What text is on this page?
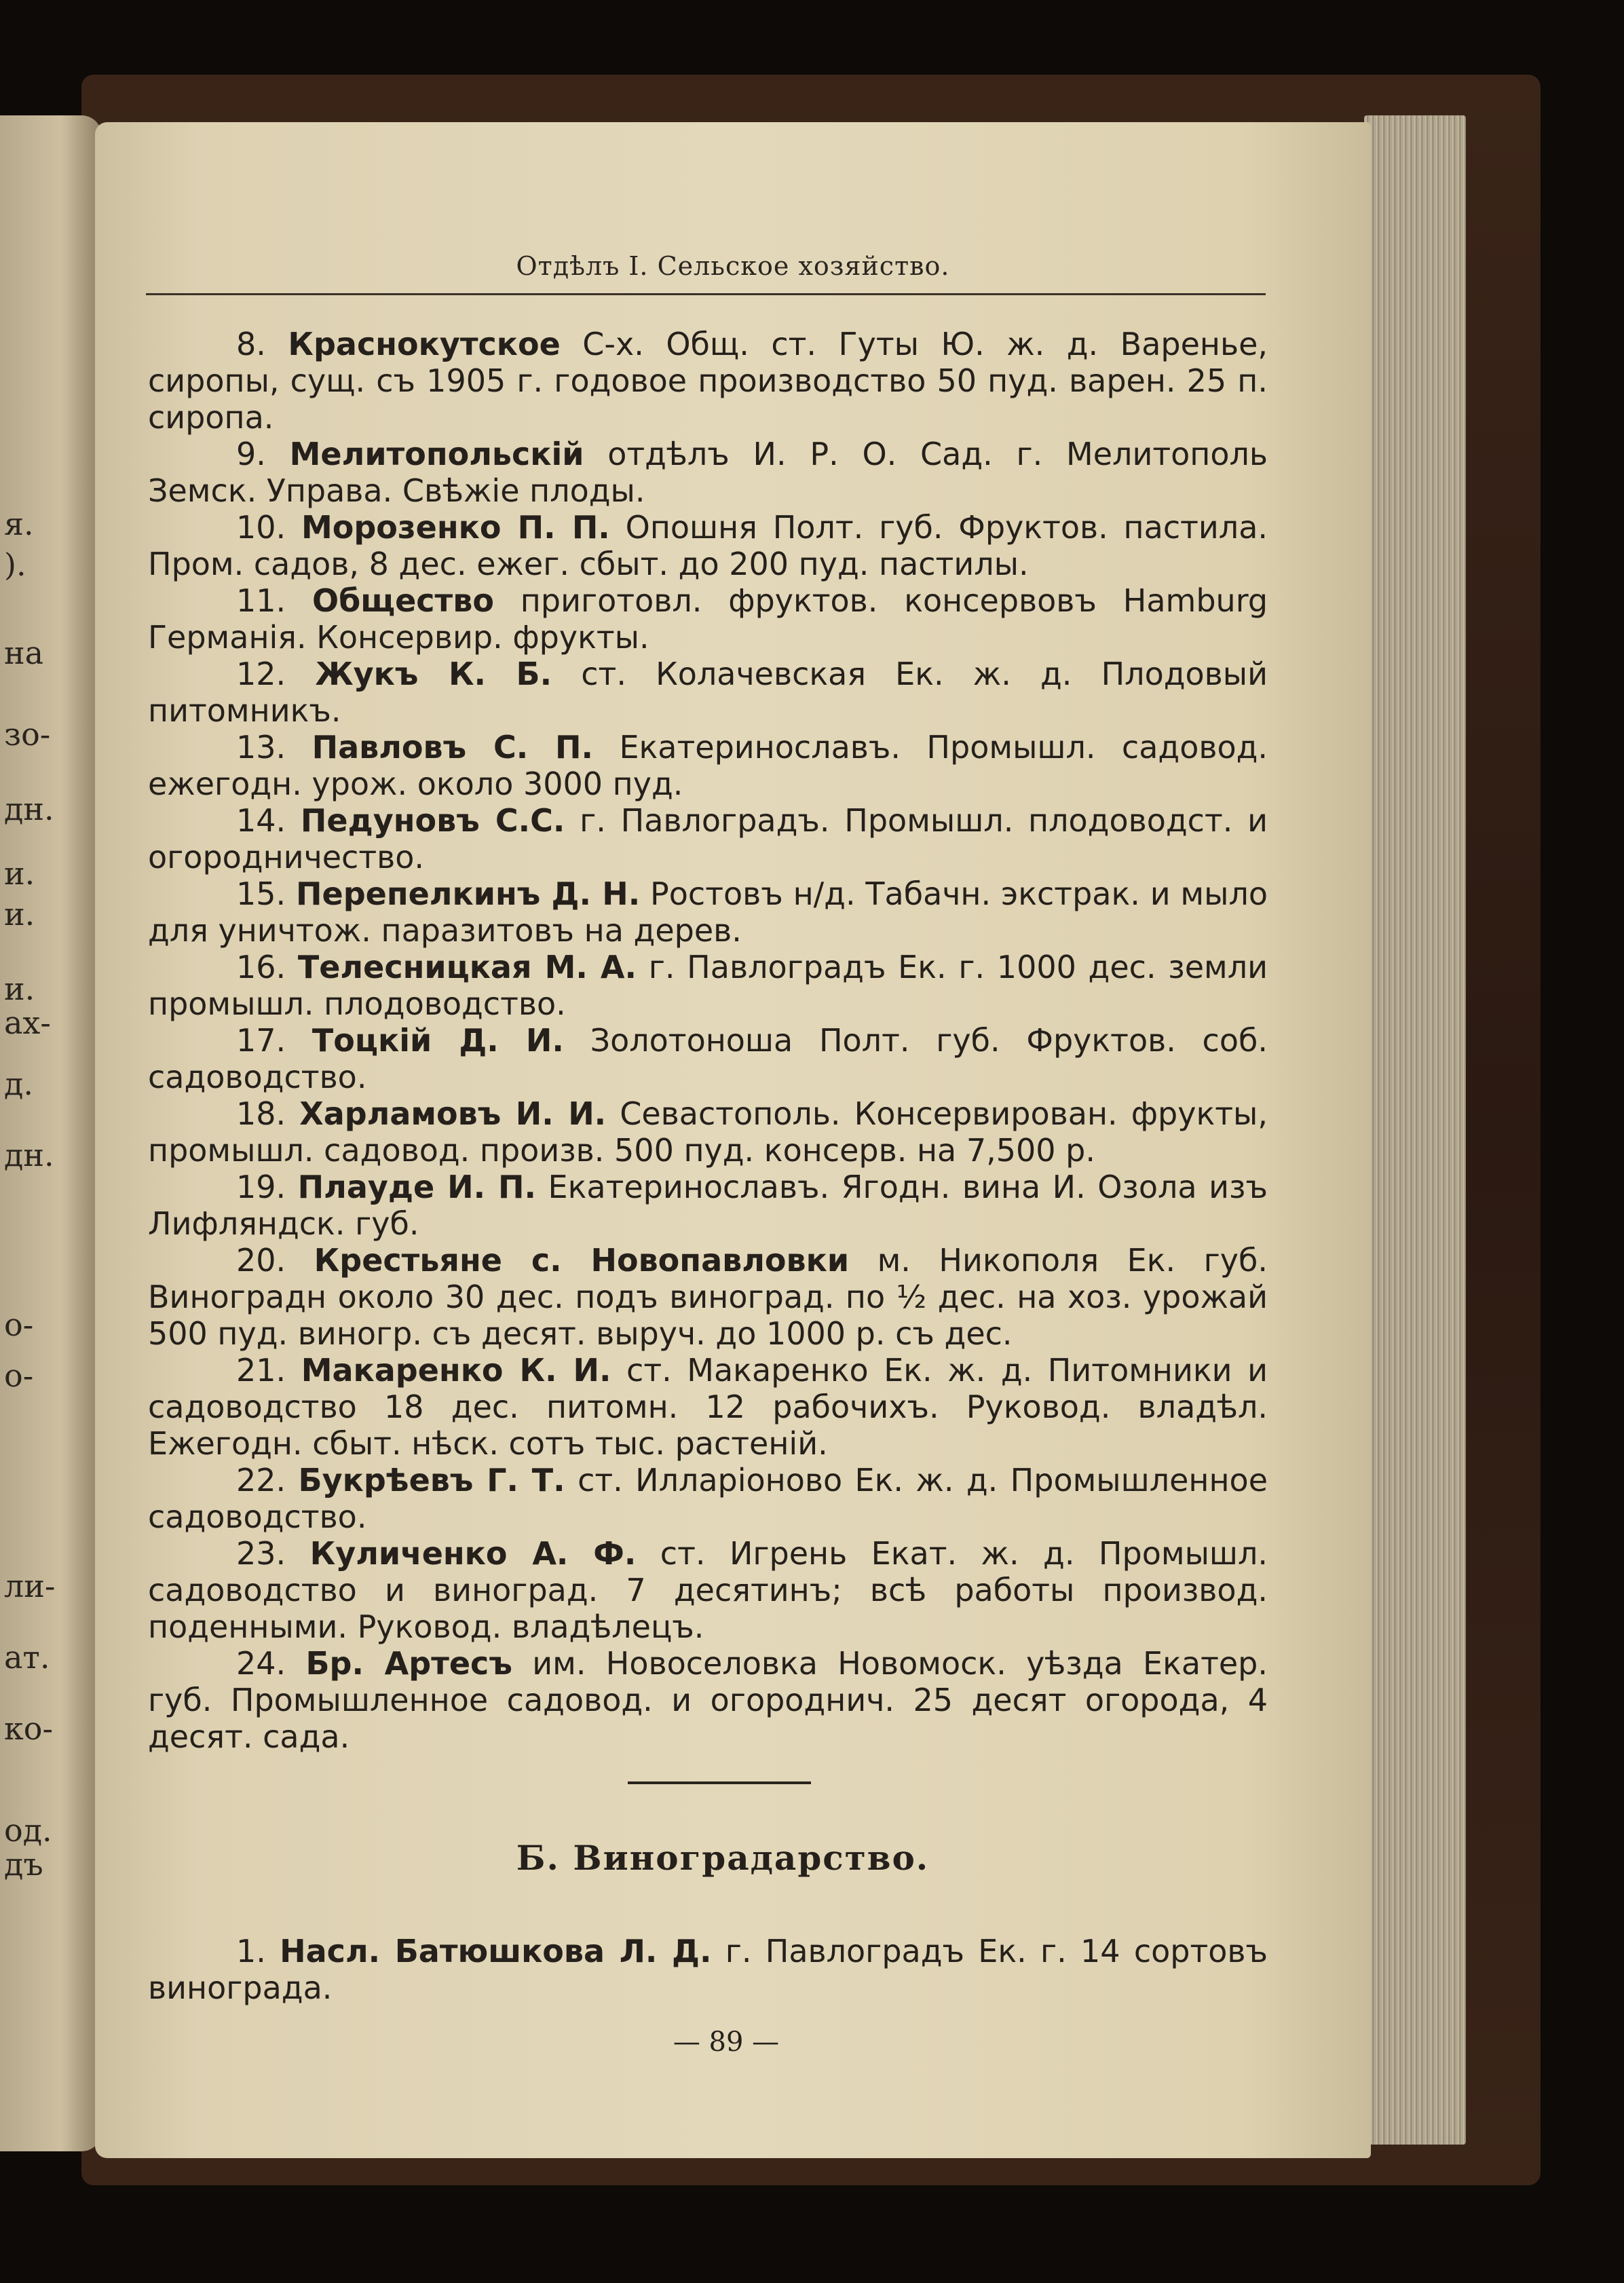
я.
).
на
зо-
дн.
и.
и.
и.
ах-
д.
дн.
о-
о-
ли-
ат.
ко-
од.
дъ
Отдѣлъ I. Сельское хозяйство.

8. Краснокутское С-х. Общ. ст. Гуты Ю. ж. д. Варенье, сиропы, сущ. съ 1905 г. годовое производство 50 пуд. варен. 25 п. сиропа.

9. Мелитопольскій отдѣлъ И. Р. О. Сад. г. Мелитополь Земск. Управа. Свѣжіе плоды.

10. Морозенко П. П. Опошня Полт. губ. Фруктов. пастила. Пром. садов, 8 дес. ежег. сбыт. до 200 пуд. пастилы.

11. Общество приготовл. фруктов. консервовъ Hamburg Германія. Консервир. фрукты.

12. Жукъ К. Б. ст. Колачевская Ек. ж. д. Плодовый питомникъ.

13. Павловъ С. П. Екатеринославъ. Промышл. садовод. ежегодн. урож. около 3000 пуд.

14. Педуновъ С.С. г. Павлоградъ. Промышл. плодоводст. и огородничество.

15. Перепелкинъ Д. Н. Ростовъ н/д. Табачн. экстрак. и мыло для уничтож. паразитовъ на дерев.

16. Телесницкая М. А. г. Павлоградъ Ек. г. 1000 дес. земли промышл. плодоводство.

17. Тоцкій Д. И. Золотоноша Полт. губ. Фруктов. соб. садоводство.

18. Харламовъ И. И. Севастополь. Консервирован. фрукты, промышл. садовод. произв. 500 пуд. консерв. на 7,500 р.

19. Плауде И. П. Екатеринославъ. Ягодн. вина И. Озола изъ Лифляндск. губ.

20. Крестьяне с. Новопавловки м. Никополя Ек. губ. Виноградн около 30 дес. подъ виноград. по ½ дес. на хоз. урожай 500 пуд. виногр. съ десят. выруч. до 1000 р. съ дес.

21. Макаренко К. И. ст. Макаренко Ек. ж. д. Питомники и садоводство 18 дес. питомн. 12 рабочихъ. Руковод. владѣл. Ежегодн. сбыт. нѣск. сотъ тыс. растеній.

22. Букрѣевъ Г. Т. ст. Илларіоново Ек. ж. д. Промышленное садоводство.

23. Куличенко А. Ф. ст. Игрень Екат. ж. д. Промышл. садоводство и виноград. 7 десятинъ; всѣ работы производ. поденными. Руковод. владѣлецъ.

24. Бр. Артесъ им. Новоселовка Новомоск. уѣзда Екатер. губ. Промышленное садовод. и огороднич. 25 десят огорода, 4 десят. сада.

Б. Виноградарство.

1. Насл. Батюшкова Л. Д. г. Павлоградъ Ек. г. 14 сортовъ винограда.

— 89 —
